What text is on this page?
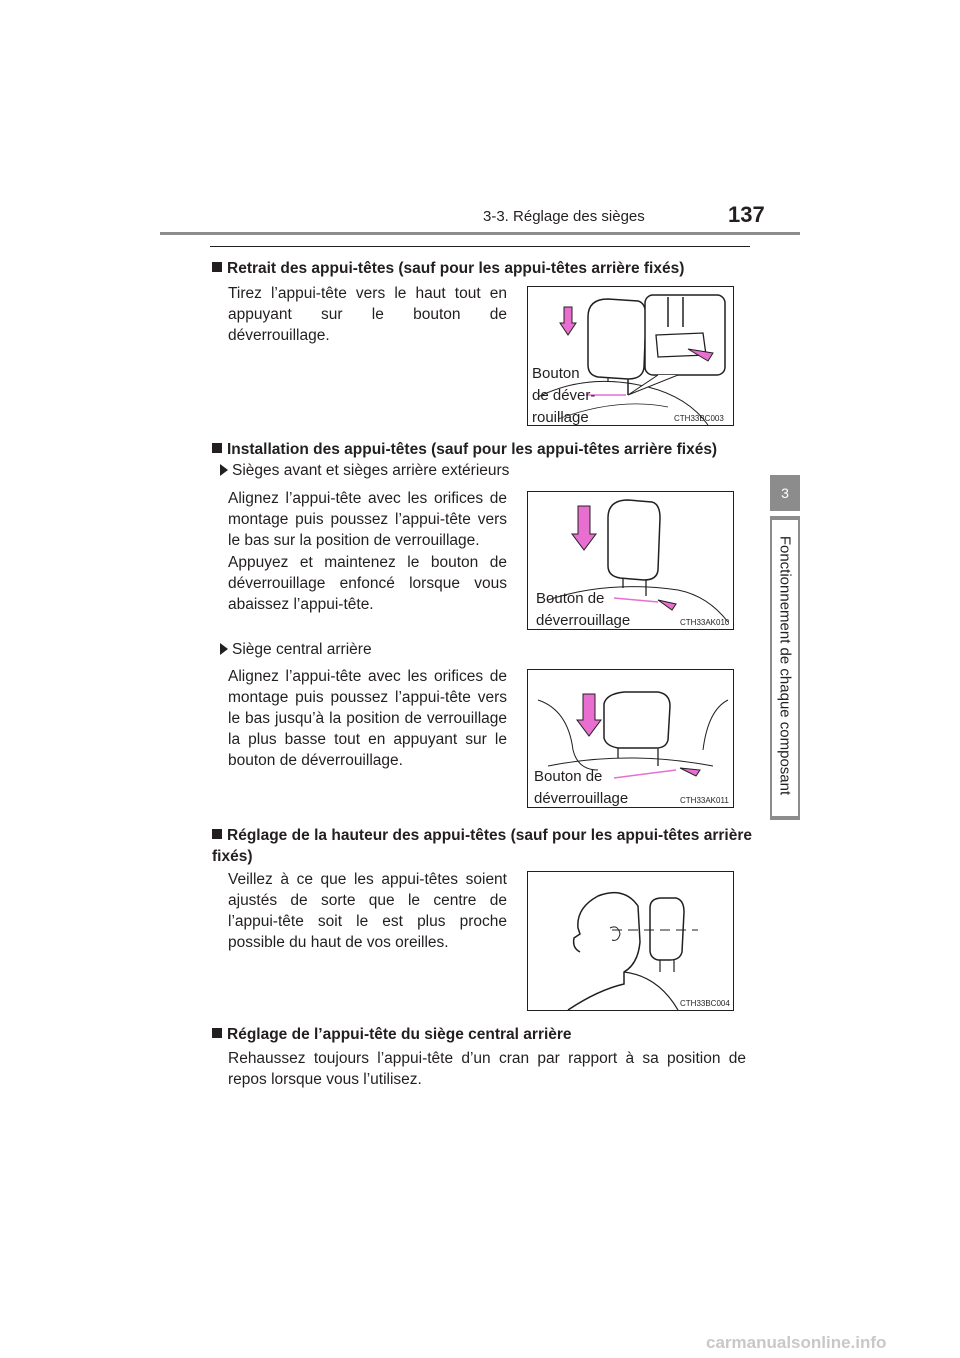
3-3. Réglage des sièges	137
3
Fonctionnement de chaque composant
Retrait des appui-têtes (sauf pour les appui-têtes arrière fixés)
Tirez l’appui-tête vers le haut tout en appuyant sur le bouton de déverrouillage.
Bouton
de déver-
rouillage	CTH33BC003
Installation des appui-têtes (sauf pour les appui-têtes arrière fixés)
Sièges avant et sièges arrière extérieurs
Alignez l’appui-tête avec les orifices de montage puis poussez l’appui-tête vers le bas sur la position de verrouillage.
Appuyez et maintenez le bouton de déverrouillage enfoncé lorsque vous abaissez l’appui-tête.	Bouton de
déverrouillage	CTH33AK010
Siège central arrière
Alignez l’appui-tête avec les orifices de montage puis poussez l’appui-tête vers le bas jusqu’à la position de verrouillage la plus basse tout en appuyant sur le bouton de déverrouillage.
Bouton de
déverrouillage	CTH33AK011
Réglage de la hauteur des appui-têtes (sauf pour les appui-têtes arrière fixés)
Veillez à ce que les appui-têtes soient ajustés de sorte que le centre de l’appui-tête soit le est plus proche possible du haut de vos oreilles.
CTH33BC004
Réglage de l’appui-tête du siège central arrière
Rehaussez toujours l’appui-tête d’un cran par rapport à sa position de repos lorsque vous l’utilisez.
carmanualsonline.info
